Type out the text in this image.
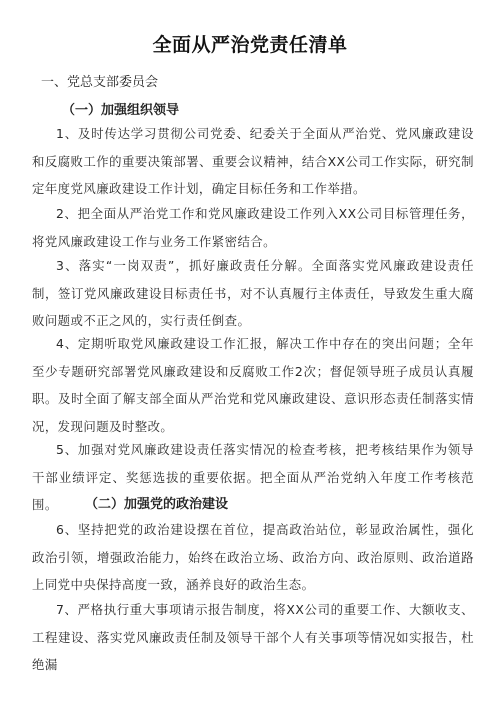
全面从严治党责任清单
一、党总支部委员会
（一）加强组织领导
1、及时传达学习贯彻公司党委、纪委关于全面从严治党、党风廉政建设和反腐败工作的重要决策部署、重要会议精神，结合XX公司工作实际，研究制定年度党风廉政建设工作计划，确定目标任务和工作举措。
2、把全面从严治党工作和党风廉政建设工作列入XX公司目标管理任务，将党风廉政建设工作与业务工作紧密结合。
3、落实“一岗双责”，抓好廉政责任分解。全面落实党风廉政建设责任制，签订党风廉政建设目标责任书，对不认真履行主体责任，导致发生重大腐败问题或不正之风的，实行责任倒查。
4、定期听取党风廉政建设工作汇报，解决工作中存在的突出问题；全年至少专题研究部署党风廉政建设和反腐败工作2次；督促领导班子成员认真履职。及时全面了解支部全面从严治党和党风廉政建设、意识形态责任制落实情况，发现问题及时整改。
5、加强对党风廉政建设责任落实情况的检查考核，把考核结果作为领导干部业绩评定、奖惩选拔的重要依据。把全面从严治党纳入年度工作考核范围。	（二）加强党的政治建设
6、坚持把党的政治建设摆在首位，提高政治站位，彰显政治属性，强化政治引领，增强政治能力，始终在政治立场、政治方向、政治原则、政治道路上同党中央保持高度一致，涵养良好的政治生态。
7、严格执行重大事项请示报告制度，将XX公司的重要工作、大额收支、工程建设、落实党风廉政责任制及领导干部个人有关事项等情况如实报告，杜绝漏
